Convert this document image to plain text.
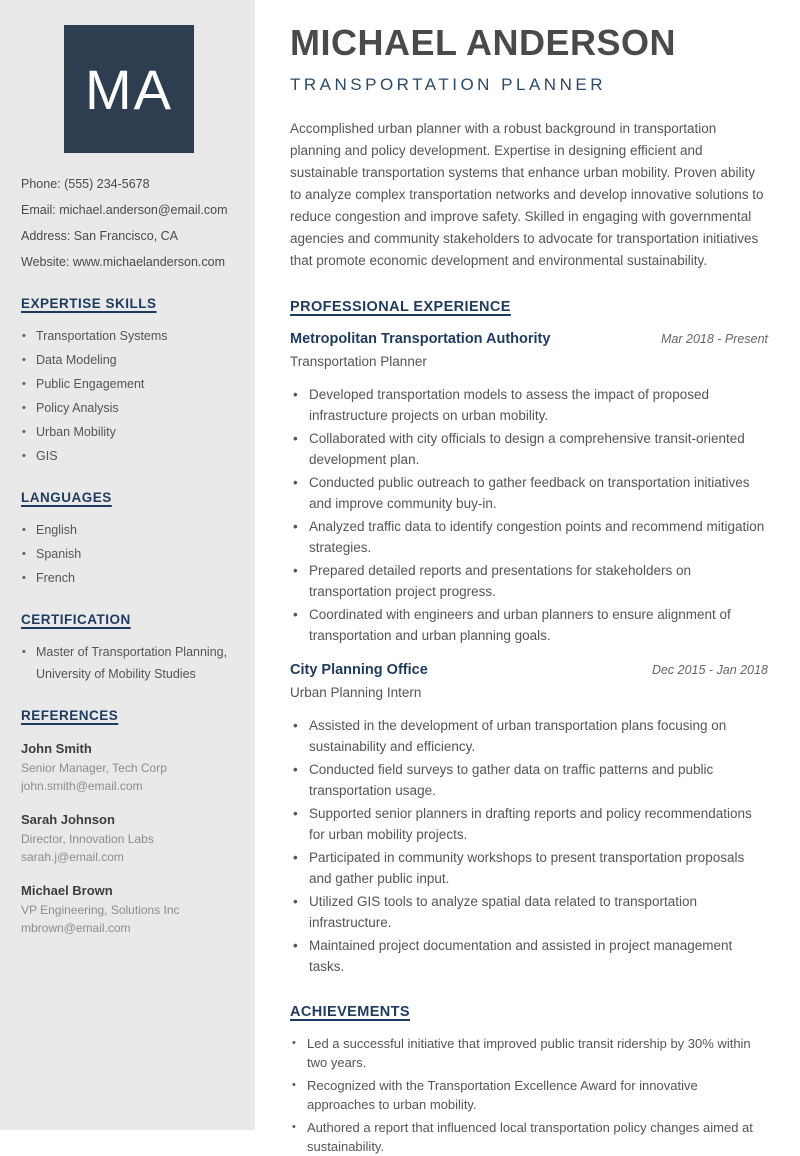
MA
Phone: (555) 234-5678
Email: michael.anderson@email.com
Address: San Francisco, CA
Website: www.michaelanderson.com
EXPERTISE SKILLS
• Transportation Systems
• Data Modeling
• Public Engagement
• Policy Analysis
• Urban Mobility
• GIS
LANGUAGES
• English
• Spanish
• French
CERTIFICATION
• Master of Transportation Planning, University of Mobility Studies
REFERENCES
John Smith
Senior Manager, Tech Corp
john.smith@email.com
Sarah Johnson
Director, Innovation Labs
sarah.j@email.com
Michael Brown
VP Engineering, Solutions Inc
mbrown@email.com
MICHAEL ANDERSON
TRANSPORTATION PLANNER

Accomplished urban planner with a robust background in transportation planning and policy development. Expertise in designing efficient and sustainable transportation systems that enhance urban mobility. Proven ability to analyze complex transportation networks and develop innovative solutions to reduce congestion and improve safety. Skilled in engaging with governmental agencies and community stakeholders to advocate for transportation initiatives that promote economic development and environmental sustainability.

PROFESSIONAL EXPERIENCE
Metropolitan Transportation Authority	Mar 2018 - Present
Transportation Planner
• Developed transportation models to assess the impact of proposed infrastructure projects on urban mobility.
• Collaborated with city officials to design a comprehensive transit-oriented development plan.
• Conducted public outreach to gather feedback on transportation initiatives and improve community buy-in.
• Analyzed traffic data to identify congestion points and recommend mitigation strategies.
• Prepared detailed reports and presentations for stakeholders on transportation project progress.
• Coordinated with engineers and urban planners to ensure alignment of transportation and urban planning goals.
City Planning Office	Dec 2015 - Jan 2018
Urban Planning Intern
• Assisted in the development of urban transportation plans focusing on sustainability and efficiency.
• Conducted field surveys to gather data on traffic patterns and public transportation usage.
• Supported senior planners in drafting reports and policy recommendations for urban mobility projects.
• Participated in community workshops to present transportation proposals and gather public input.
• Utilized GIS tools to analyze spatial data related to transportation infrastructure.
• Maintained project documentation and assisted in project management tasks.
ACHIEVEMENTS
• Led a successful initiative that improved public transit ridership by 30% within two years.
• Recognized with the Transportation Excellence Award for innovative approaches to urban mobility.
• Authored a report that influenced local transportation policy changes aimed at sustainability.
